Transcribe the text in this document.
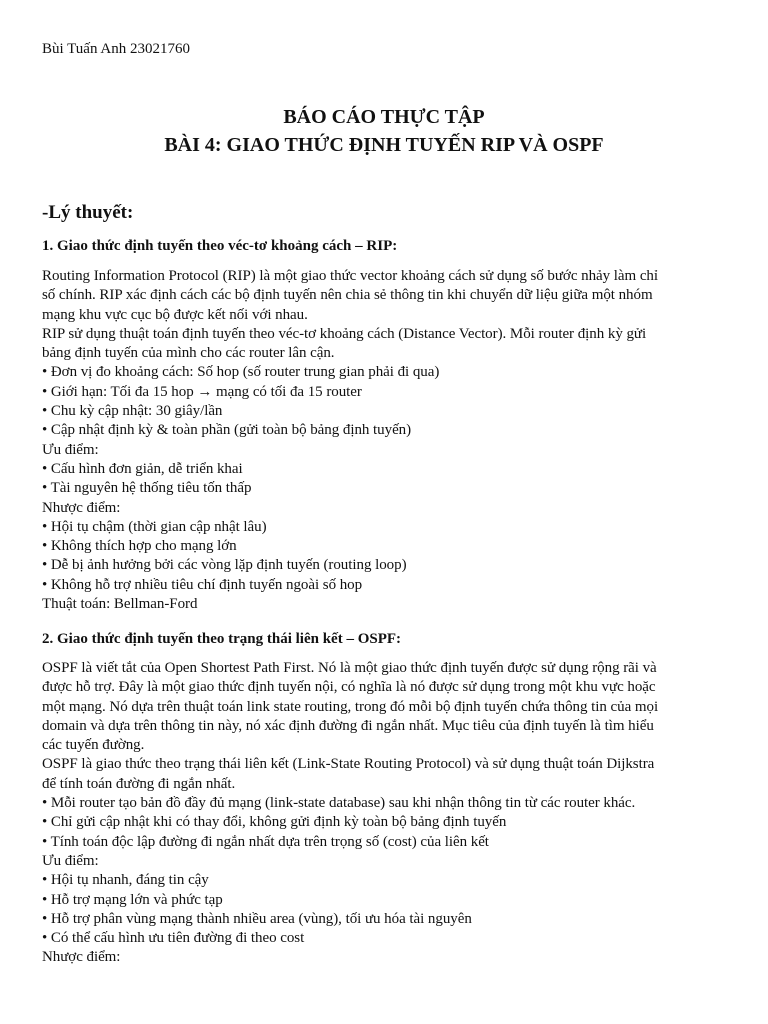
Bùi Tuấn Anh 23021760
BÁO CÁO THỰC TẬP
BÀI 4: GIAO THỨC ĐỊNH TUYẾN RIP VÀ OSPF
-Lý thuyết:
1. Giao thức định tuyến theo véc-tơ khoảng cách – RIP:
Routing Information Protocol (RIP) là một giao thức vector khoảng cách sử dụng số bước nhảy làm chỉ
số chính. RIP xác định cách các bộ định tuyến nên chia sẻ thông tin khi chuyển dữ liệu giữa một nhóm
mạng khu vực cục bộ được kết nối với nhau.
RIP sử dụng thuật toán định tuyến theo véc-tơ khoảng cách (Distance Vector). Mỗi router định kỳ gửi
bảng định tuyến của mình cho các router lân cận.
• Đơn vị đo khoảng cách: Số hop (số router trung gian phải đi qua)
• Giới hạn: Tối đa 15 hop → mạng có tối đa 15 router
• Chu kỳ cập nhật: 30 giây/lần
• Cập nhật định kỳ & toàn phần (gửi toàn bộ bảng định tuyến)
Ưu điểm:
• Cấu hình đơn giản, dễ triển khai
• Tài nguyên hệ thống tiêu tốn thấp
Nhược điểm:
• Hội tụ chậm (thời gian cập nhật lâu)
• Không thích hợp cho mạng lớn
• Dễ bị ảnh hưởng bởi các vòng lặp định tuyến (routing loop)
• Không hỗ trợ nhiều tiêu chí định tuyến ngoài số hop
Thuật toán: Bellman-Ford
2. Giao thức định tuyến theo trạng thái liên kết – OSPF:
OSPF là viết tắt của Open Shortest Path First. Nó là một giao thức định tuyến được sử dụng rộng rãi và
được hỗ trợ. Đây là một giao thức định tuyến nội, có nghĩa là nó được sử dụng trong một khu vực hoặc
một mạng. Nó dựa trên thuật toán link state routing, trong đó mỗi bộ định tuyến chứa thông tin của mọi
domain và dựa trên thông tin này, nó xác định đường đi ngắn nhất. Mục tiêu của định tuyến là tìm hiểu
các tuyến đường.
OSPF là giao thức theo trạng thái liên kết (Link-State Routing Protocol) và sử dụng thuật toán Dijkstra
để tính toán đường đi ngắn nhất.
• Mỗi router tạo bản đồ đầy đủ mạng (link-state database) sau khi nhận thông tin từ các router khác.
• Chỉ gửi cập nhật khi có thay đổi, không gửi định kỳ toàn bộ bảng định tuyến
• Tính toán độc lập đường đi ngắn nhất dựa trên trọng số (cost) của liên kết
Ưu điểm:
• Hội tụ nhanh, đáng tin cậy
• Hỗ trợ mạng lớn và phức tạp
• Hỗ trợ phân vùng mạng thành nhiều area (vùng), tối ưu hóa tài nguyên
• Có thể cấu hình ưu tiên đường đi theo cost
Nhược điểm:
